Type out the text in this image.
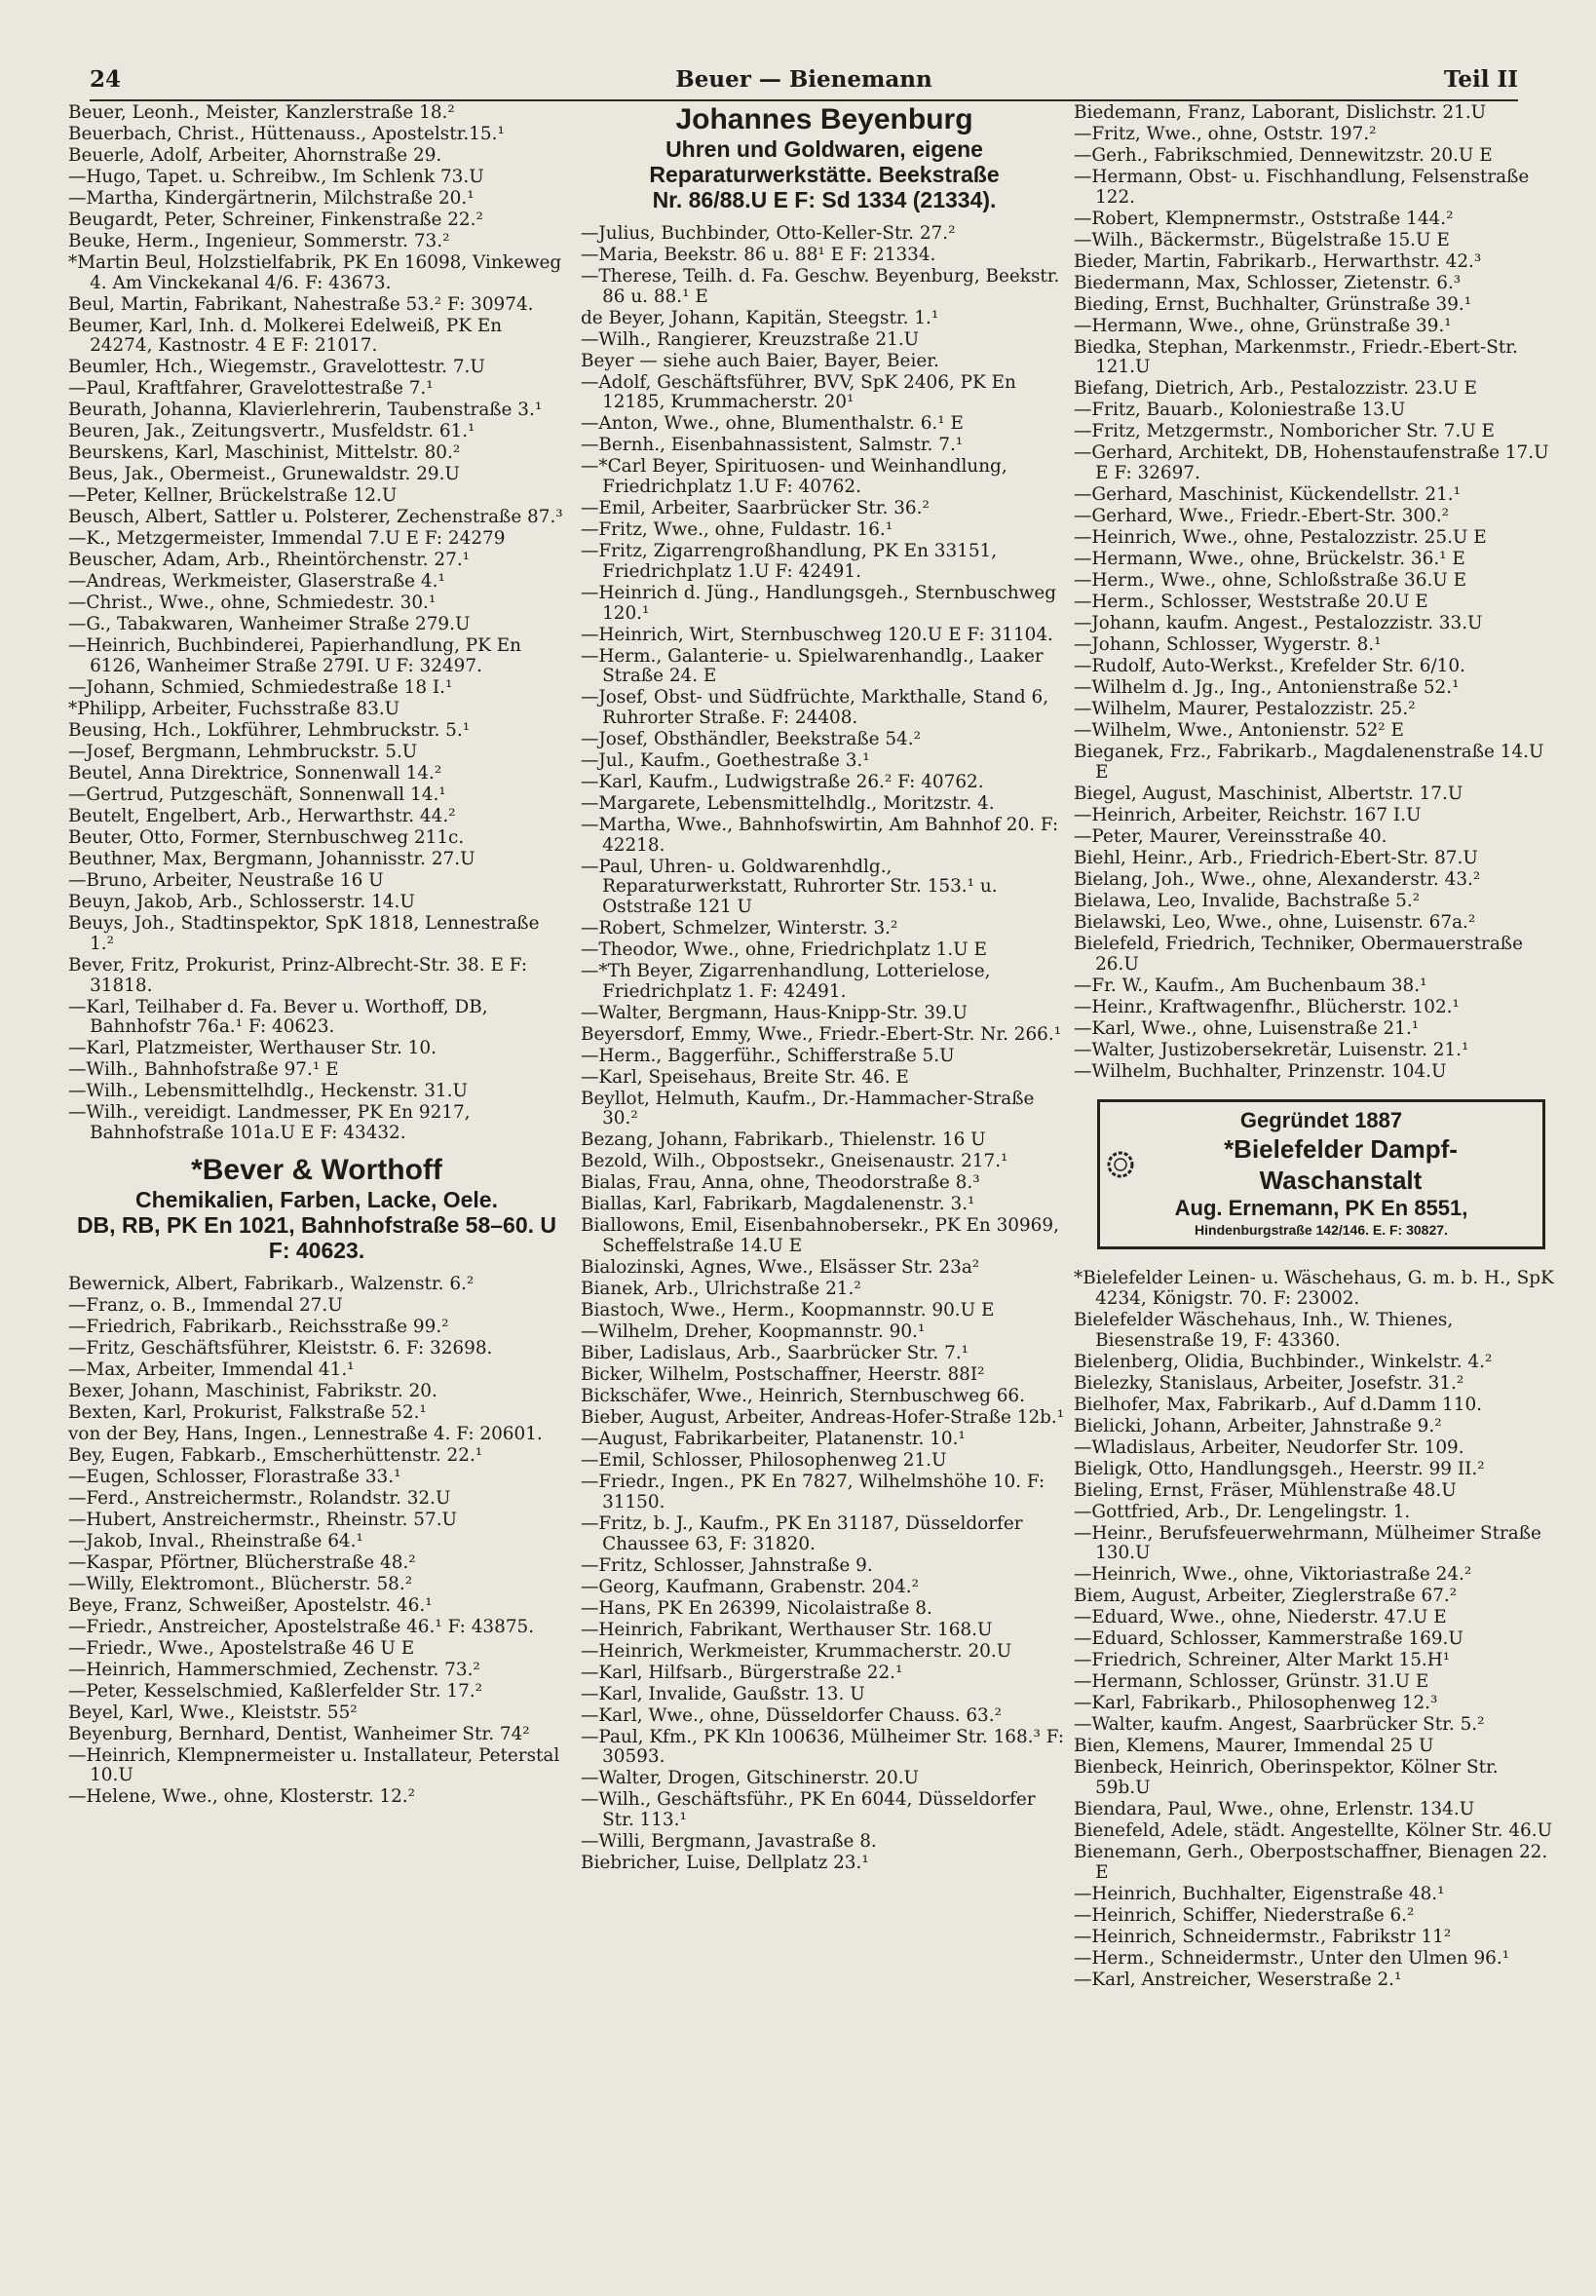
24	Beuer — Bienemann	Teil II
Beuer, Leonh., Meister, Kanzlerstraße 18.²
Beuerbach, Christ., Hüttenauss., Apostelstr.15.¹
Beuerle, Adolf, Arbeiter, Ahornstraße 29.
—Hugo, Tapet. u. Schreibw., Im Schlenk 73.U
—Martha, Kindergärtnerin, Milchstraße 20.¹
Beugardt, Peter, Schreiner, Finkenstraße 22.²
Beuke, Herm., Ingenieur, Sommerstr. 73.²
*Martin Beul, Holzstielfabrik, PK En 16098, Vinkeweg 4. Am Vinckekanal 4/6. F: 43673.
Beul, Martin, Fabrikant, Nahestraße 53.² F: 30974.
Beumer, Karl, Inh. d. Molkerei Edelweiß, PK En 24274, Kastnostr. 4 E F: 21017.
Beumler, Hch., Wiegemstr., Gravelottestr. 7.U
—Paul, Kraftfahrer, Gravelottestraße 7.¹
Beurath, Johanna, Klavierlehrerin, Taubenstraße 3.¹
Beuren, Jak., Zeitungsvertr., Musfeldstr. 61.¹
Beurskens, Karl, Maschinist, Mittelstr. 80.²
Beus, Jak., Obermeist., Grunewaldstr. 29.U
—Peter, Kellner, Brückelstraße 12.U
Beusch, Albert, Sattler u. Polsterer, Zechenstraße 87.³
—K., Metzgermeister, Immendal 7.U E F: 24279
Beuscher, Adam, Arb., Rheintörchenstr. 27.¹
—Andreas, Werkmeister, Glaserstraße 4.¹
—Christ., Wwe., ohne, Schmiedestr. 30.¹
—G., Tabakwaren, Wanheimer Straße 279.U
—Heinrich, Buchbinderei, Papierhandlung, PK En 6126, Wanheimer Straße 279I. U F: 32497.
—Johann, Schmied, Schmiedestraße 18 I.¹
*Philipp, Arbeiter, Fuchsstraße 83.U
Beusing, Hch., Lokführer, Lehmbruckstr. 5.¹
—Josef, Bergmann, Lehmbruckstr. 5.U
Beutel, Anna Direktrice, Sonnenwall 14.²
—Gertrud, Putzgeschäft, Sonnenwall 14.¹
Beutelt, Engelbert, Arb., Herwarthstr. 44.²
Beuter, Otto, Former, Sternbuschweg 211c.
Beuthner, Max, Bergmann, Johannisstr. 27.U
—Bruno, Arbeiter, Neustraße 16 U
Beuyn, Jakob, Arb., Schlosserstr. 14.U
Beuys, Joh., Stadtinspektor, SpK 1818, Lennestraße 1.²
Bever, Fritz, Prokurist, Prinz-Albrecht-Str. 38. E F: 31818.
—Karl, Teilhaber d. Fa. Bever u. Worthoff, DB, Bahnhofstr 76a.¹ F: 40623.
—Karl, Platzmeister, Werthauser Str. 10.
—Wilh., Bahnhofstraße 97.¹ E
—Wilh., Lebensmittelhdlg., Heckenstr. 31.U
—Wilh., vereidigt. Landmesser, PK En 9217, Bahnhofstraße 101a.U E F: 43432.
*Bever & Worthoff
Chemikalien, Farben, Lacke, Oele.
DB, RB, PK En 1021, Bahnhofstraße 58–60. U F: 40623.
Bewernick, Albert, Fabrikarb., Walzenstr. 6.²
—Franz, o. B., Immendal 27.U
—Friedrich, Fabrikarb., Reichsstraße 99.²
—Fritz, Geschäftsführer, Kleiststr. 6. F: 32698.
—Max, Arbeiter, Immendal 41.¹
Bexer, Johann, Maschinist, Fabrikstr. 20.
Bexten, Karl, Prokurist, Falkstraße 52.¹
von der Bey, Hans, Ingen., Lennestraße 4. F: 20601.
Bey, Eugen, Fabkarb., Emscherhüttenstr. 22.¹
—Eugen, Schlosser, Florastraße 33.¹
—Ferd., Anstreichermstr., Rolandstr. 32.U
—Hubert, Anstreichermstr., Rheinstr. 57.U
—Jakob, Inval., Rheinstraße 64.¹
—Kaspar, Pförtner, Blücherstraße 48.²
—Willy, Elektromont., Blücherstr. 58.²
Beye, Franz, Schweißer, Apostelstr. 46.¹
—Friedr., Anstreicher, Apostelstraße 46.¹ F: 43875.
—Friedr., Wwe., Apostelstraße 46 U E
—Heinrich, Hammerschmied, Zechenstr. 73.²
—Peter, Kesselschmied, Kaßlerfelder Str. 17.²
Beyel, Karl, Wwe., Kleiststr. 55²
Beyenburg, Bernhard, Dentist, Wanheimer Str. 74²
—Heinrich, Klempnermeister u. Installateur, Peterstal 10.U
—Helene, Wwe., ohne, Klosterstr. 12.²
Johannes Beyenburg
Uhren und Goldwaren, eigene
Reparaturwerkstätte. Beekstraße
Nr. 86/88.U E F: Sd 1334 (21334).
—Julius, Buchbinder, Otto-Keller-Str. 27.²
—Maria, Beekstr. 86 u. 88¹ E F: 21334.
—Therese, Teilh. d. Fa. Geschw. Beyenburg, Beekstr. 86 u. 88.¹ E
de Beyer, Johann, Kapitän, Steegstr. 1.¹
—Wilh., Rangierer, Kreuzstraße 21.U
Beyer — siehe auch Baier, Bayer, Beier.
—Adolf, Geschäftsführer, BVV, SpK 2406, PK En 12185, Krummacherstr. 20¹
—Anton, Wwe., ohne, Blumenthalstr. 6.¹ E
—Bernh., Eisenbahnassistent, Salmstr. 7.¹
—*Carl Beyer, Spirituosen- und Weinhandlung, Friedrichplatz 1.U F: 40762.
—Emil, Arbeiter, Saarbrücker Str. 36.²
—Fritz, Wwe., ohne, Fuldastr. 16.¹
—Fritz, Zigarrengroßhandlung, PK En 33151, Friedrichplatz 1.U F: 42491.
—Heinrich d. Jüng., Handlungsgeh., Sternbuschweg 120.¹
—Heinrich, Wirt, Sternbuschweg 120.U E F: 31104.
—Herm., Galanterie- u. Spielwarenhandlg., Laaker Straße 24. E
—Josef, Obst- und Südfrüchte, Markthalle, Stand 6, Ruhrorter Straße. F: 24408.
—Josef, Obsthändler, Beekstraße 54.²
—Jul., Kaufm., Goethestraße 3.¹
—Karl, Kaufm., Ludwigstraße 26.² F: 40762.
—Margarete, Lebensmittelhdlg., Moritzstr. 4.
—Martha, Wwe., Bahnhofswirtin, Am Bahnhof 20. F: 42218.
—Paul, Uhren- u. Goldwarenhdlg., Reparaturwerkstatt, Ruhrorter Str. 153.¹ u. Oststraße 121 U
—Robert, Schmelzer, Winterstr. 3.²
—Theodor, Wwe., ohne, Friedrichplatz 1.U E
—*Th Beyer, Zigarrenhandlung, Lotterielose, Friedrichplatz 1. F: 42491.
—Walter, Bergmann, Haus-Knipp-Str. 39.U
Beyersdorf, Emmy, Wwe., Friedr.-Ebert-Str. Nr. 266.¹
—Herm., Baggerführ., Schifferstraße 5.U
—Karl, Speisehaus, Breite Str. 46. E
Beyllot, Helmuth, Kaufm., Dr.-Hammacher-Straße 30.²
Bezang, Johann, Fabrikarb., Thielenstr. 16 U
Bezold, Wilh., Obpostsekr., Gneisenaustr. 217.¹
Bialas, Frau, Anna, ohne, Theodorstraße 8.³
Biallas, Karl, Fabrikarb, Magdalenenstr. 3.¹
Biallowons, Emil, Eisenbahnobersekr., PK En 30969, Scheffelstraße 14.U E
Bialozinski, Agnes, Wwe., Elsässer Str. 23a²
Bianek, Arb., Ulrichstraße 21.²
Biastoch, Wwe., Herm., Koopmannstr. 90.U E
—Wilhelm, Dreher, Koopmannstr. 90.¹
Biber, Ladislaus, Arb., Saarbrücker Str. 7.¹
Bicker, Wilhelm, Postschaffner, Heerstr. 88I²
Bickschäfer, Wwe., Heinrich, Sternbuschweg 66.
Bieber, August, Arbeiter, Andreas-Hofer-Straße 12b.¹
—August, Fabrikarbeiter, Platanenstr. 10.¹
—Emil, Schlosser, Philosophenweg 21.U
—Friedr., Ingen., PK En 7827, Wilhelmshöhe 10. F: 31150.
—Fritz, b. J., Kaufm., PK En 31187, Düsseldorfer Chaussee 63, F: 31820.
—Fritz, Schlosser, Jahnstraße 9.
—Georg, Kaufmann, Grabenstr. 204.²
—Hans, PK En 26399, Nicolaistraße 8.
—Heinrich, Fabrikant, Werthauser Str. 168.U
—Heinrich, Werkmeister, Krummacherstr. 20.U
—Karl, Hilfsarb., Bürgerstraße 22.¹
—Karl, Invalide, Gaußstr. 13. U
—Karl, Wwe., ohne, Düsseldorfer Chauss. 63.²
—Paul, Kfm., PK Kln 100636, Mülheimer Str. 168.³ F: 30593.
—Walter, Drogen, Gitschinerstr. 20.U
—Wilh., Geschäftsführ., PK En 6044, Düsseldorfer Str. 113.¹
—Willi, Bergmann, Javastraße 8.
Biebricher, Luise, Dellplatz 23.¹
Biedemann, Franz, Laborant, Dislichstr. 21.U
—Fritz, Wwe., ohne, Oststr. 197.²
—Gerh., Fabrikschmied, Dennewitzstr. 20.U E
—Hermann, Obst- u. Fischhandlung, Felsenstraße 122.
—Robert, Klempnermstr., Oststraße 144.²
—Wilh., Bäckermstr., Bügelstraße 15.U E
Bieder, Martin, Fabrikarb., Herwarthstr. 42.³
Biedermann, Max, Schlosser, Zietenstr. 6.³
Bieding, Ernst, Buchhalter, Grünstraße 39.¹
—Hermann, Wwe., ohne, Grünstraße 39.¹
Biedka, Stephan, Markenmstr., Friedr.-Ebert-Str. 121.U
Biefang, Dietrich, Arb., Pestalozzistr. 23.U E
—Fritz, Bauarb., Koloniestraße 13.U
—Fritz, Metzgermstr., Nomboricher Str. 7.U E
—Gerhard, Architekt, DB, Hohenstaufenstraße 17.U E F: 32697.
—Gerhard, Maschinist, Kückendellstr. 21.¹
—Gerhard, Wwe., Friedr.-Ebert-Str. 300.²
—Heinrich, Wwe., ohne, Pestalozzistr. 25.U E
—Hermann, Wwe., ohne, Brückelstr. 36.¹ E
—Herm., Wwe., ohne, Schloßstraße 36.U E
—Herm., Schlosser, Weststraße 20.U E
—Johann, kaufm. Angest., Pestalozzistr. 33.U
—Johann, Schlosser, Wygerstr. 8.¹
—Rudolf, Auto-Werkst., Krefelder Str. 6/10.
—Wilhelm d. Jg., Ing., Antonienstraße 52.¹
—Wilhelm, Maurer, Pestalozzistr. 25.²
—Wilhelm, Wwe., Antonienstr. 52² E
Bieganek, Frz., Fabrikarb., Magdalenenstraße 14.U E
Biegel, August, Maschinist, Albertstr. 17.U
—Heinrich, Arbeiter, Reichstr. 167 I.U
—Peter, Maurer, Vereinsstraße 40.
Biehl, Heinr., Arb., Friedrich-Ebert-Str. 87.U
Bielang, Joh., Wwe., ohne, Alexanderstr. 43.²
Bielawa, Leo, Invalide, Bachstraße 5.²
Bielawski, Leo, Wwe., ohne, Luisenstr. 67a.²
Bielefeld, Friedrich, Techniker, Obermauerstraße 26.U
—Fr. W., Kaufm., Am Buchenbaum 38.¹
—Heinr., Kraftwagenfhr., Blücherstr. 102.¹
—Karl, Wwe., ohne, Luisenstraße 21.¹
—Walter, Justizobersekretär, Luisenstr. 21.¹
—Wilhelm, Buchhalter, Prinzenstr. 104.U
Gegründet 1887
*Bielefelder Dampf-Waschanstalt
Aug. Ernemann, PK En 8551,
Hindenburgstraße 142/146. E. F: 30827.
*Bielefelder Leinen- u. Wäschehaus, G. m. b. H., SpK 4234, Königstr. 70. F: 23002.
Bielefelder Wäschehaus, Inh., W. Thienes, Biesenstraße 19, F: 43360.
Bielenberg, Olidia, Buchbinder., Winkelstr. 4.²
Bielezky, Stanislaus, Arbeiter, Josefstr. 31.²
Bielhofer, Max, Fabrikarb., Auf d.Damm 110.
Bielicki, Johann, Arbeiter, Jahnstraße 9.²
—Wladislaus, Arbeiter, Neudorfer Str. 109.
Bieligk, Otto, Handlungsgeh., Heerstr. 99 II.²
Bieling, Ernst, Fräser, Mühlenstraße 48.U
—Gottfried, Arb., Dr. Lengelingstr. 1.
—Heinr., Berufsfeuerwehrmann, Mülheimer Straße 130.U
—Heinrich, Wwe., ohne, Viktoriastraße 24.²
Biem, August, Arbeiter, Zieglerstraße 67.²
—Eduard, Wwe., ohne, Niederstr. 47.U E
—Eduard, Schlosser, Kammerstraße 169.U
—Friedrich, Schreiner, Alter Markt 15.H¹
—Hermann, Schlosser, Grünstr. 31.U E
—Karl, Fabrikarb., Philosophenweg 12.³
—Walter, kaufm. Angest, Saarbrücker Str. 5.²
Bien, Klemens, Maurer, Immendal 25 U
Bienbeck, Heinrich, Oberinspektor, Kölner Str. 59b.U
Biendara, Paul, Wwe., ohne, Erlenstr. 134.U
Bienefeld, Adele, städt. Angestellte, Kölner Str. 46.U
Bienemann, Gerh., Oberpostschaffner, Bienagen 22. E
—Heinrich, Buchhalter, Eigenstraße 48.¹
—Heinrich, Schiffer, Niederstraße 6.²
—Heinrich, Schneidermstr., Fabrikstr 11²
—Herm., Schneidermstr., Unter den Ulmen 96.¹
—Karl, Anstreicher, Weserstraße 2.¹
